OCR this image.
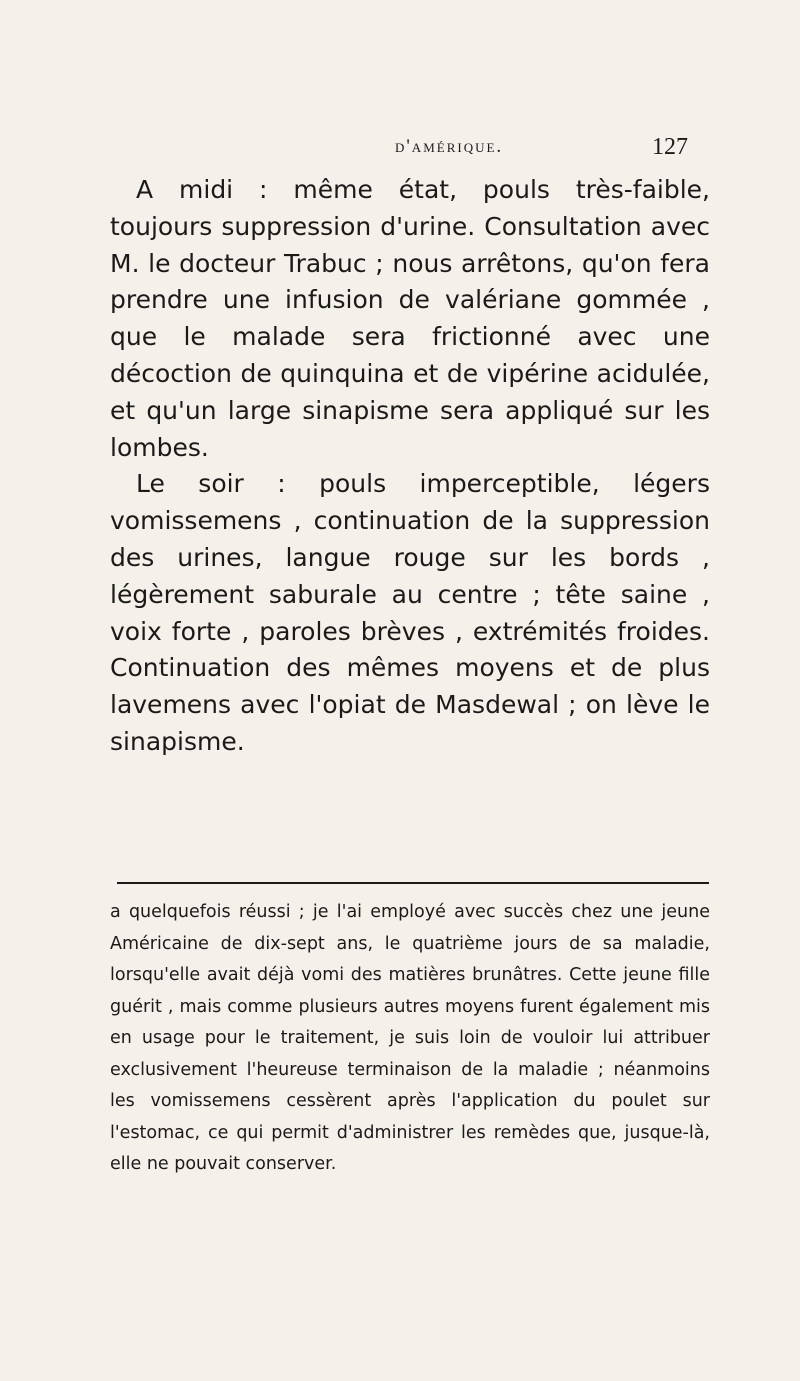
d'amérique.	127

A midi : même état, pouls très-faible, toujours suppression d'urine. Consultation avec M. le docteur Trabuc ; nous arrêtons, qu'on fera prendre une infusion de valériane gommée , que le malade sera frictionné avec une décoction de quinquina et de vipérine acidulée, et qu'un large sinapisme sera appliqué sur les lombes.

Le soir : pouls imperceptible, légers vomissemens , continuation de la suppression des urines, langue rouge sur les bords , légèrement saburale au centre ; tête saine , voix forte , paroles brèves , extrémités froides. Continuation des mêmes moyens et de plus lavemens avec l'opiat de Masdewal ; on lève le sinapisme.

a quelquefois réussi ; je l'ai employé avec succès chez une jeune Américaine de dix-sept ans, le quatrième jours de sa maladie, lorsqu'elle avait déjà vomi des matières brunâtres. Cette jeune fille guérit , mais comme plusieurs autres moyens furent également mis en usage pour le traitement, je suis loin de vouloir lui attribuer exclusivement l'heureuse terminaison de la maladie ; néanmoins les vomissemens cessèrent après l'application du poulet sur l'estomac, ce qui permit d'administrer les remèdes que, jusque-là, elle ne pouvait conserver.
